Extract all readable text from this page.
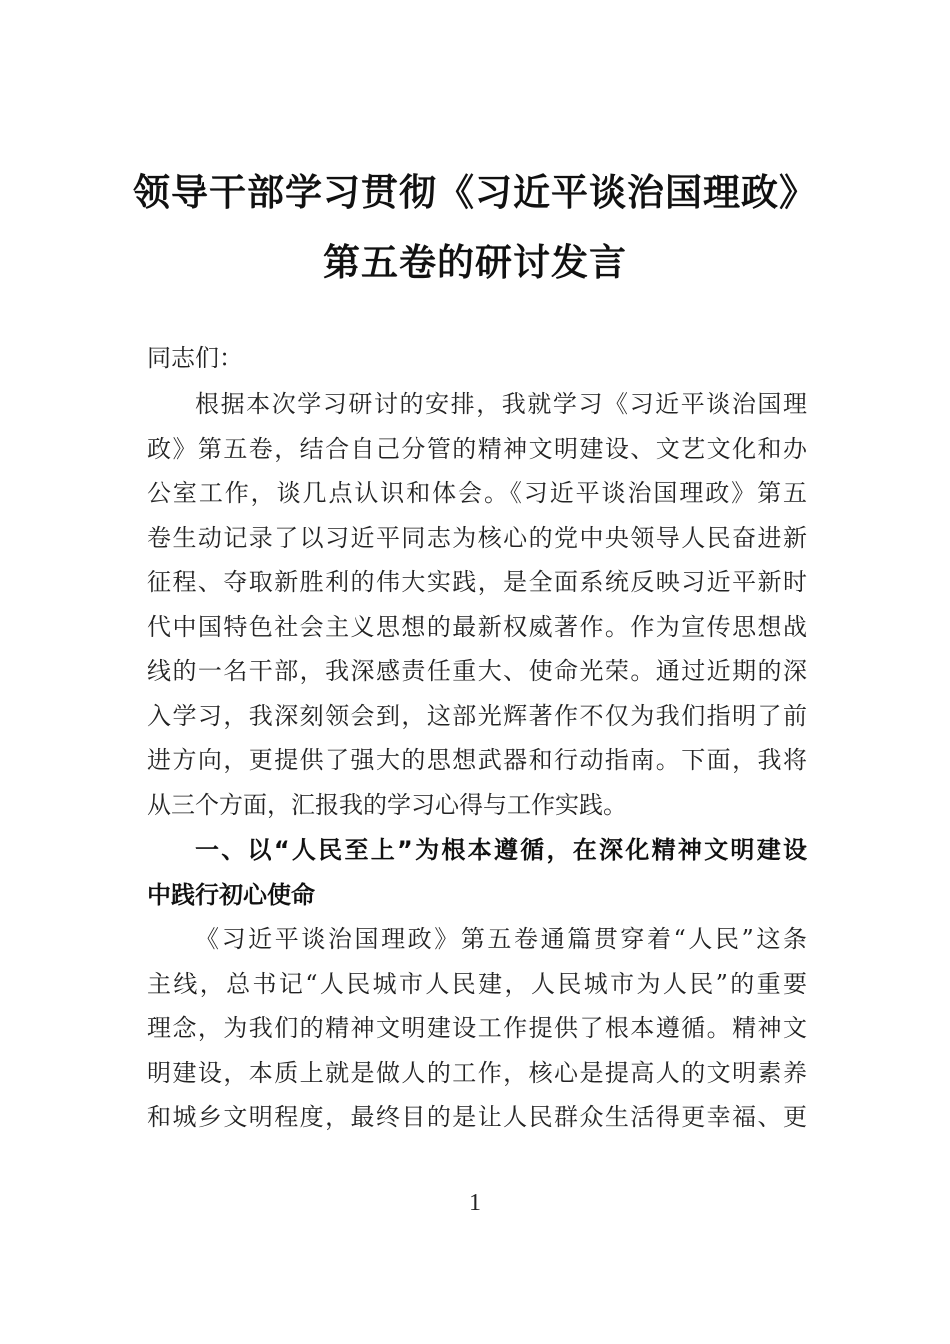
领导干部学习贯彻《习近平谈治国理政》
第五卷的研讨发言
同志们：
根据本次学习研讨的安排，我就学习《习近平谈治国理
政》第五卷，结合自己分管的精神文明建设、文艺文化和办
公室工作，谈几点认识和体会。《习近平谈治国理政》第五
卷生动记录了以习近平同志为核心的党中央领导人民奋进新
征程、夺取新胜利的伟大实践，是全面系统反映习近平新时
代中国特色社会主义思想的最新权威著作。作为宣传思想战
线的一名干部，我深感责任重大、使命光荣。通过近期的深
入学习，我深刻领会到，这部光辉著作不仅为我们指明了前
进方向，更提供了强大的思想武器和行动指南。下面，我将
从三个方面，汇报我的学习心得与工作实践。
一、以“人民至上”为根本遵循，在深化精神文明建设
中践行初心使命
《习近平谈治国理政》第五卷通篇贯穿着“人民”这条
主线，总书记“人民城市人民建，人民城市为人民”的重要
理念，为我们的精神文明建设工作提供了根本遵循。精神文
明建设，本质上就是做人的工作，核心是提高人的文明素养
和城乡文明程度，最终目的是让人民群众生活得更幸福、更
1
